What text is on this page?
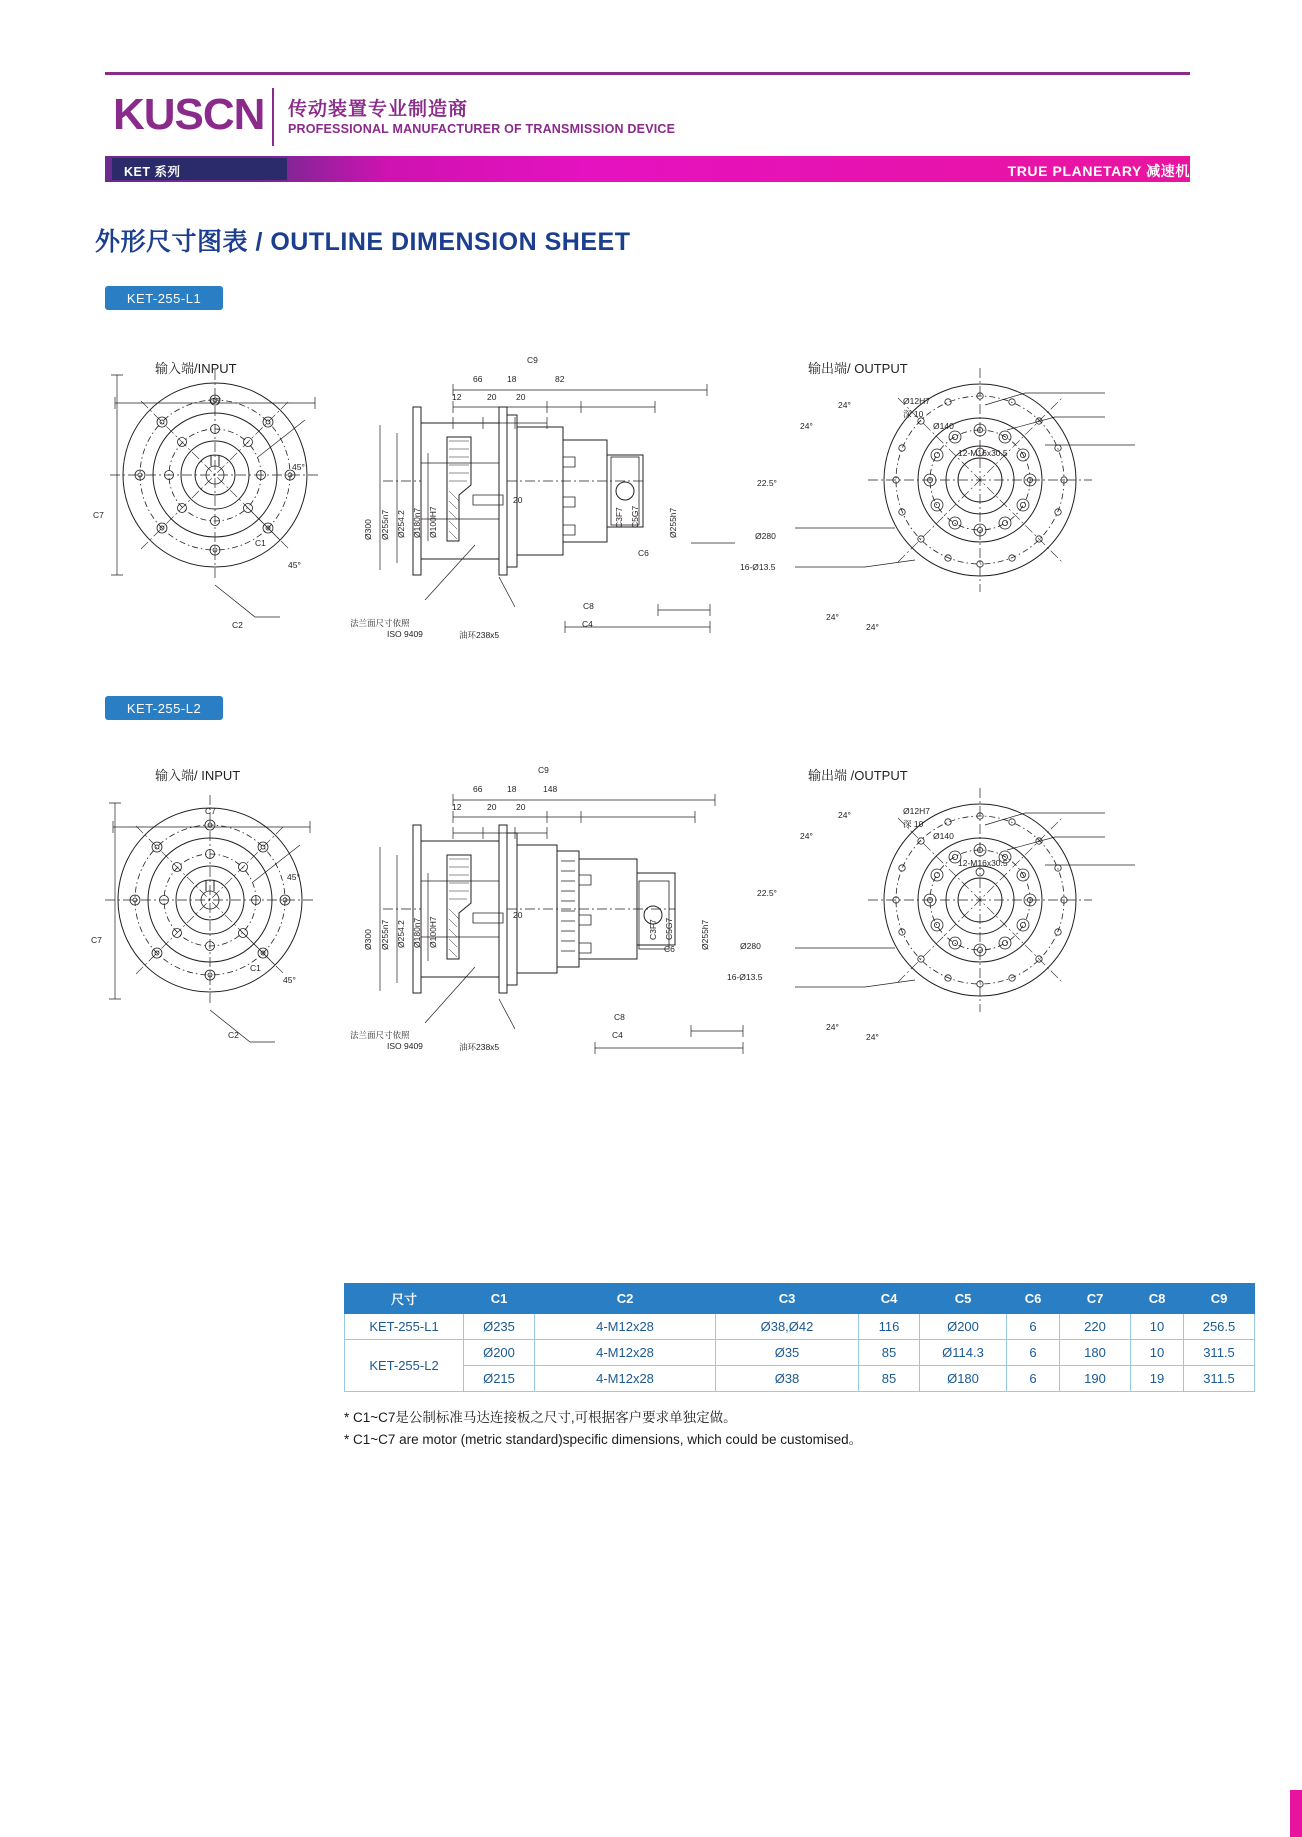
KUSCN 传动装置专业制造商
PROFESSIONAL MANUFACTURER OF TRANSMISSION DEVICE
KET 系列	TRUE PLANETARY 减速机
外形尺寸图表 / OUTLINE DIMENSION SHEET
KET-255-L1
输入端/INPUT	输出端/ OUTPUT
C7
C7
C1
C2
45°
45°
C9
66	18	82
12	20 20
20
Ø300 Ø255n7 Ø254.2 Ø180n7 Ø100H7	C3F7 C5G7	Ø255h7
C6
C8
C4
法兰面尺寸依照
ISO 9409	油环238x5
Ø12H7
深 10
Ø140
12-M16x30.5
Ø280
16-Ø13.5
24°
24°
24°
24°
22.5°
KET-255-L2
输入端/ INPUT	输出端 /OUTPUT
C7
C7
C1
C2
45°
45°
C9
66	18	148
12	20 20
20
Ø300 Ø255n7 Ø254.2 Ø180n7 Ø100H7	C3F7 C5G7	Ø255h7
C6
C8
C4
法兰面尺寸依照
ISO 9409	油环238x5
Ø12H7
深 10
Ø140
12-M16x30.5
Ø280
16-Ø13.5
24°
24°
24°
24°
22.5°
尺寸	C1	C2	C3	C4	C5	C6	C7	C8	C9
KET-255-L1	Ø235	4-M12x28	Ø38,Ø42	116	Ø200	6	220	10	256.5
KET-255-L2	Ø200	4-M12x28	Ø35	85	Ø114.3	6	180	10	311.5
	Ø215	4-M12x28	Ø38	85	Ø180	6	190	19	311.5
* C1~C7是公制标准马达连接板之尺寸,可根据客户要求单独定做。
* C1~C7 are motor (metric standard)specific dimensions, which could be customised。
